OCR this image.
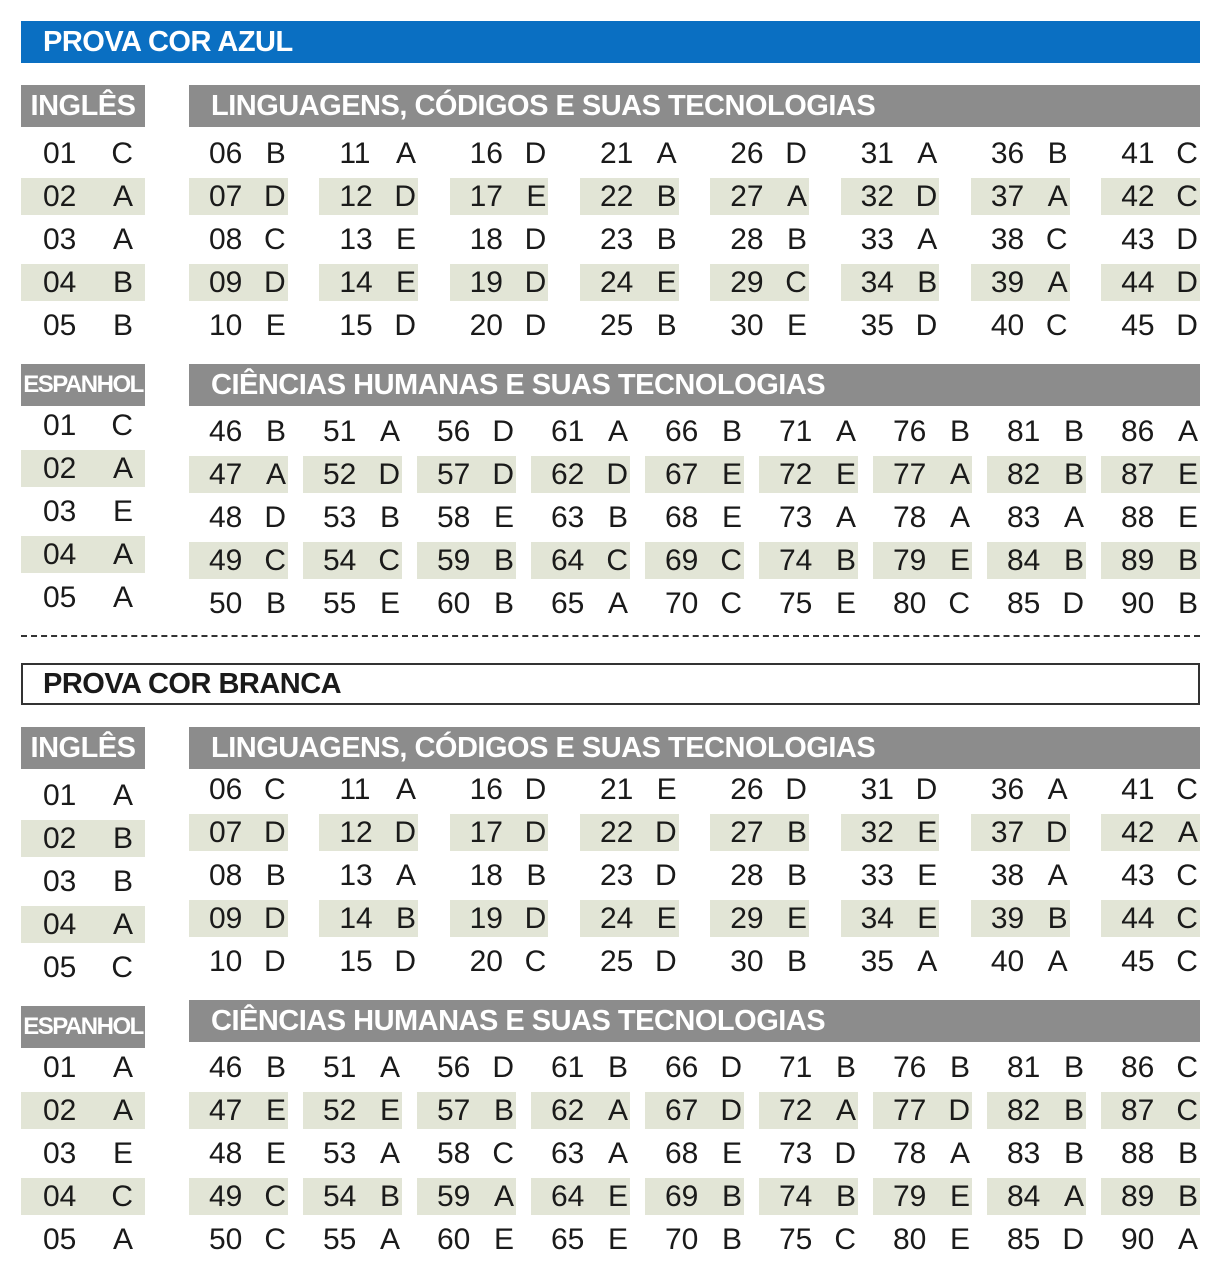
PROVA COR AZUL
INGLÊS	LINGUAGENS, CÓDIGOS E SUAS TECNOLOGIAS
01 C
02 A
03 A
04 B
05 B
06 B 11 A 16 D 21 A 26 D 31 A 36 B 41 C
07 D 12 D 17 E 22 B 27 A 32 D 37 A 42 C
08 C 13 E 18 D 23 B 28 B 33 A 38 C 43 D
09 D 14 E 19 D 24 E 29 C 34 B 39 A 44 D
10 E 15 D 20 D 25 B 30 E 35 D 40 C 45 D
ESPANHOL	CIÊNCIAS HUMANAS E SUAS TECNOLOGIAS
01 C
02 A
03 E
04 A
05 A
46 B 51 A 56 D 61 A 66 B 71 A 76 B 81 B 86 A
47 A 52 D 57 D 62 D 67 E 72 E 77 A 82 B 87 E
48 D 53 B 58 E 63 B 68 E 73 A 78 A 83 A 88 E
49 C 54 C 59 B 64 C 69 C 74 B 79 E 84 B 89 B
50 B 55 E 60 B 65 A 70 C 75 E 80 C 85 D 90 B
PROVA COR BRANCA
INGLÊS	LINGUAGENS, CÓDIGOS E SUAS TECNOLOGIAS
01 A
02 B
03 B
04 A
05 C
06 C 11 A 16 D 21 E 26 D 31 D 36 A 41 C
07 D 12 D 17 D 22 D 27 B 32 E 37 D 42 A
08 B 13 A 18 B 23 D 28 B 33 E 38 A 43 C
09 D 14 B 19 D 24 E 29 E 34 E 39 B 44 C
10 D 15 D 20 C 25 D 30 B 35 A 40 A 45 C
ESPANHOL	CIÊNCIAS HUMANAS E SUAS TECNOLOGIAS
01 A
02 A
03 E
04 C
05 A
46 B 51 A 56 D 61 B 66 D 71 B 76 B 81 B 86 C
47 E 52 E 57 B 62 A 67 D 72 A 77 D 82 B 87 C
48 E 53 A 58 C 63 A 68 E 73 D 78 A 83 B 88 B
49 C 54 B 59 A 64 E 69 B 74 B 79 E 84 A 89 B
50 C 55 A 60 E 65 E 70 B 75 C 80 E 85 D 90 A
